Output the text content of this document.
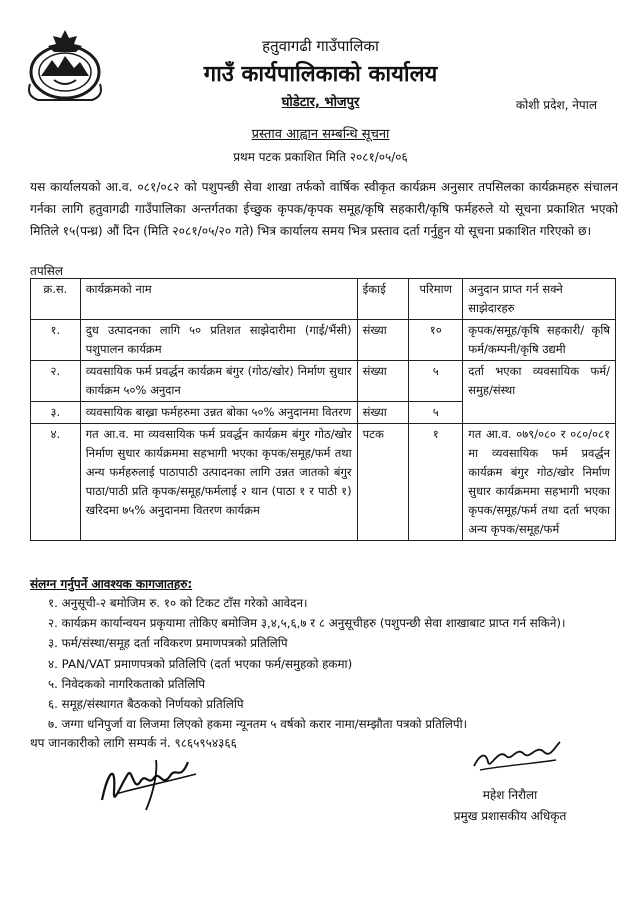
हतुवागढी गाउँपालिका
गाउँ कार्यपालिकाको कार्यालय
घोडेटार, भोजपुर	कोशी प्रदेश, नेपाल
प्रस्ताव आह्वान सम्बन्धि सूचना
प्रथम पटक प्रकाशित मिति २०८१/०५/०६
यस कार्यालयको आ.व. ०८१/०८२ को पशुपन्छी सेवा शाखा तर्फको वार्षिक स्वीकृत कार्यक्रम अनुसार तपसिलका कार्यक्रमहरु संचालन गर्नका लागि हतुवागढी गाउँपालिका अन्तर्गतका ईच्छुक कृपक/कृपक समूह/कृषि सहकारी/कृषि फर्महरुले यो सूचना प्रकाशित भएको मितिले १५(पन्ध्र) औं दिन (मिति २०८१/०५/२० गते) भित्र कार्यालय समय भित्र प्रस्ताव दर्ता गर्नुहुन यो सूचना प्रकाशित गरिएको छ।
तपसिल
क्र.स.	कार्यक्रमको नाम	ईकाई	परिमाण	अनुदान प्राप्त गर्न सक्ने साझेदारहरु
१.	दुध उत्पादनका लागि ५० प्रतिशत साझेदारीमा (गाई/भैंसी) पशुपालन कार्यक्रम	संख्या	१०	कृपक/समूह/कृषि सहकारी/ कृषि फर्म/कम्पनी/कृषि उद्यमी
२.	व्यवसायिक फर्म प्रवर्द्धन कार्यक्रम बंगुर (गोठ/खोर) निर्माण सुधार कार्यक्रम ५०% अनुदान	संख्या	५	दर्ता भएका व्यवसायिक फर्म/समुह/संस्था
३.	व्यवसायिक बाख्रा फर्महरुमा उन्नत बोका ५०% अनुदानमा वितरण	संख्या	५	
४.	गत आ.व. मा व्यवसायिक फर्म प्रवर्द्धन कार्यक्रम बंगुर गोठ/खोर निर्माण सुधार कार्यक्रममा सहभागी भएका कृपक/समूह/फर्म तथा अन्य फर्महरुलाई पाठापाठी उत्पादनका लागि उन्नत जातको बंगुर पाठा/पाठी प्रति कृपक/समूह/फर्मलाई २ थान (पाठा १ र पाठी १) खरिदमा ७५% अनुदानमा वितरण कार्यक्रम	पटक	१	गत आ.व. ०७९/०८० र ०८०/०८१ मा व्यवसायिक फर्म प्रवर्द्धन कार्यक्रम बंगुर गोठ/खोर निर्माण सुधार कार्यक्रममा सहभागी भएका कृपक/समूह/फर्म तथा दर्ता भएका अन्य कृपक/समूह/फर्म
संलग्न गर्नुपर्ने आवश्यक कागजातहरु:
१. अनुसूची-२ बमोजिम रु. १० को टिकट टाँस गरेको आवेदन।
२. कार्यक्रम कार्यान्वयन प्रकृयामा तोकिए बमोजिम ३,४,५,६,७ र ८ अनुसूचीहरु (पशुपन्छी सेवा शाखाबाट प्राप्त गर्न सकिने)।
३. फर्म/संस्था/समूह दर्ता नविकरण प्रमाणपत्रको प्रतिलिपि
४. PAN/VAT प्रमाणपत्रको प्रतिलिपि (दर्ता भएका फर्म/समुहको हकमा)
५. निवेदकको नागरिकताको प्रतिलिपि
६. समूह/संस्थागत बैठकको निर्णयको प्रतिलिपि
७. जग्गा धनिपुर्जा वा लिजमा लिएको हकमा न्यूनतम ५ वर्षको करार नामा/सम्झौता पत्रको प्रतिलिपी।
थप जानकारीको लागि सम्पर्क नं. ९८६५९५४३६६
महेश निरौला
प्रमुख प्रशासकीय अधिकृत
